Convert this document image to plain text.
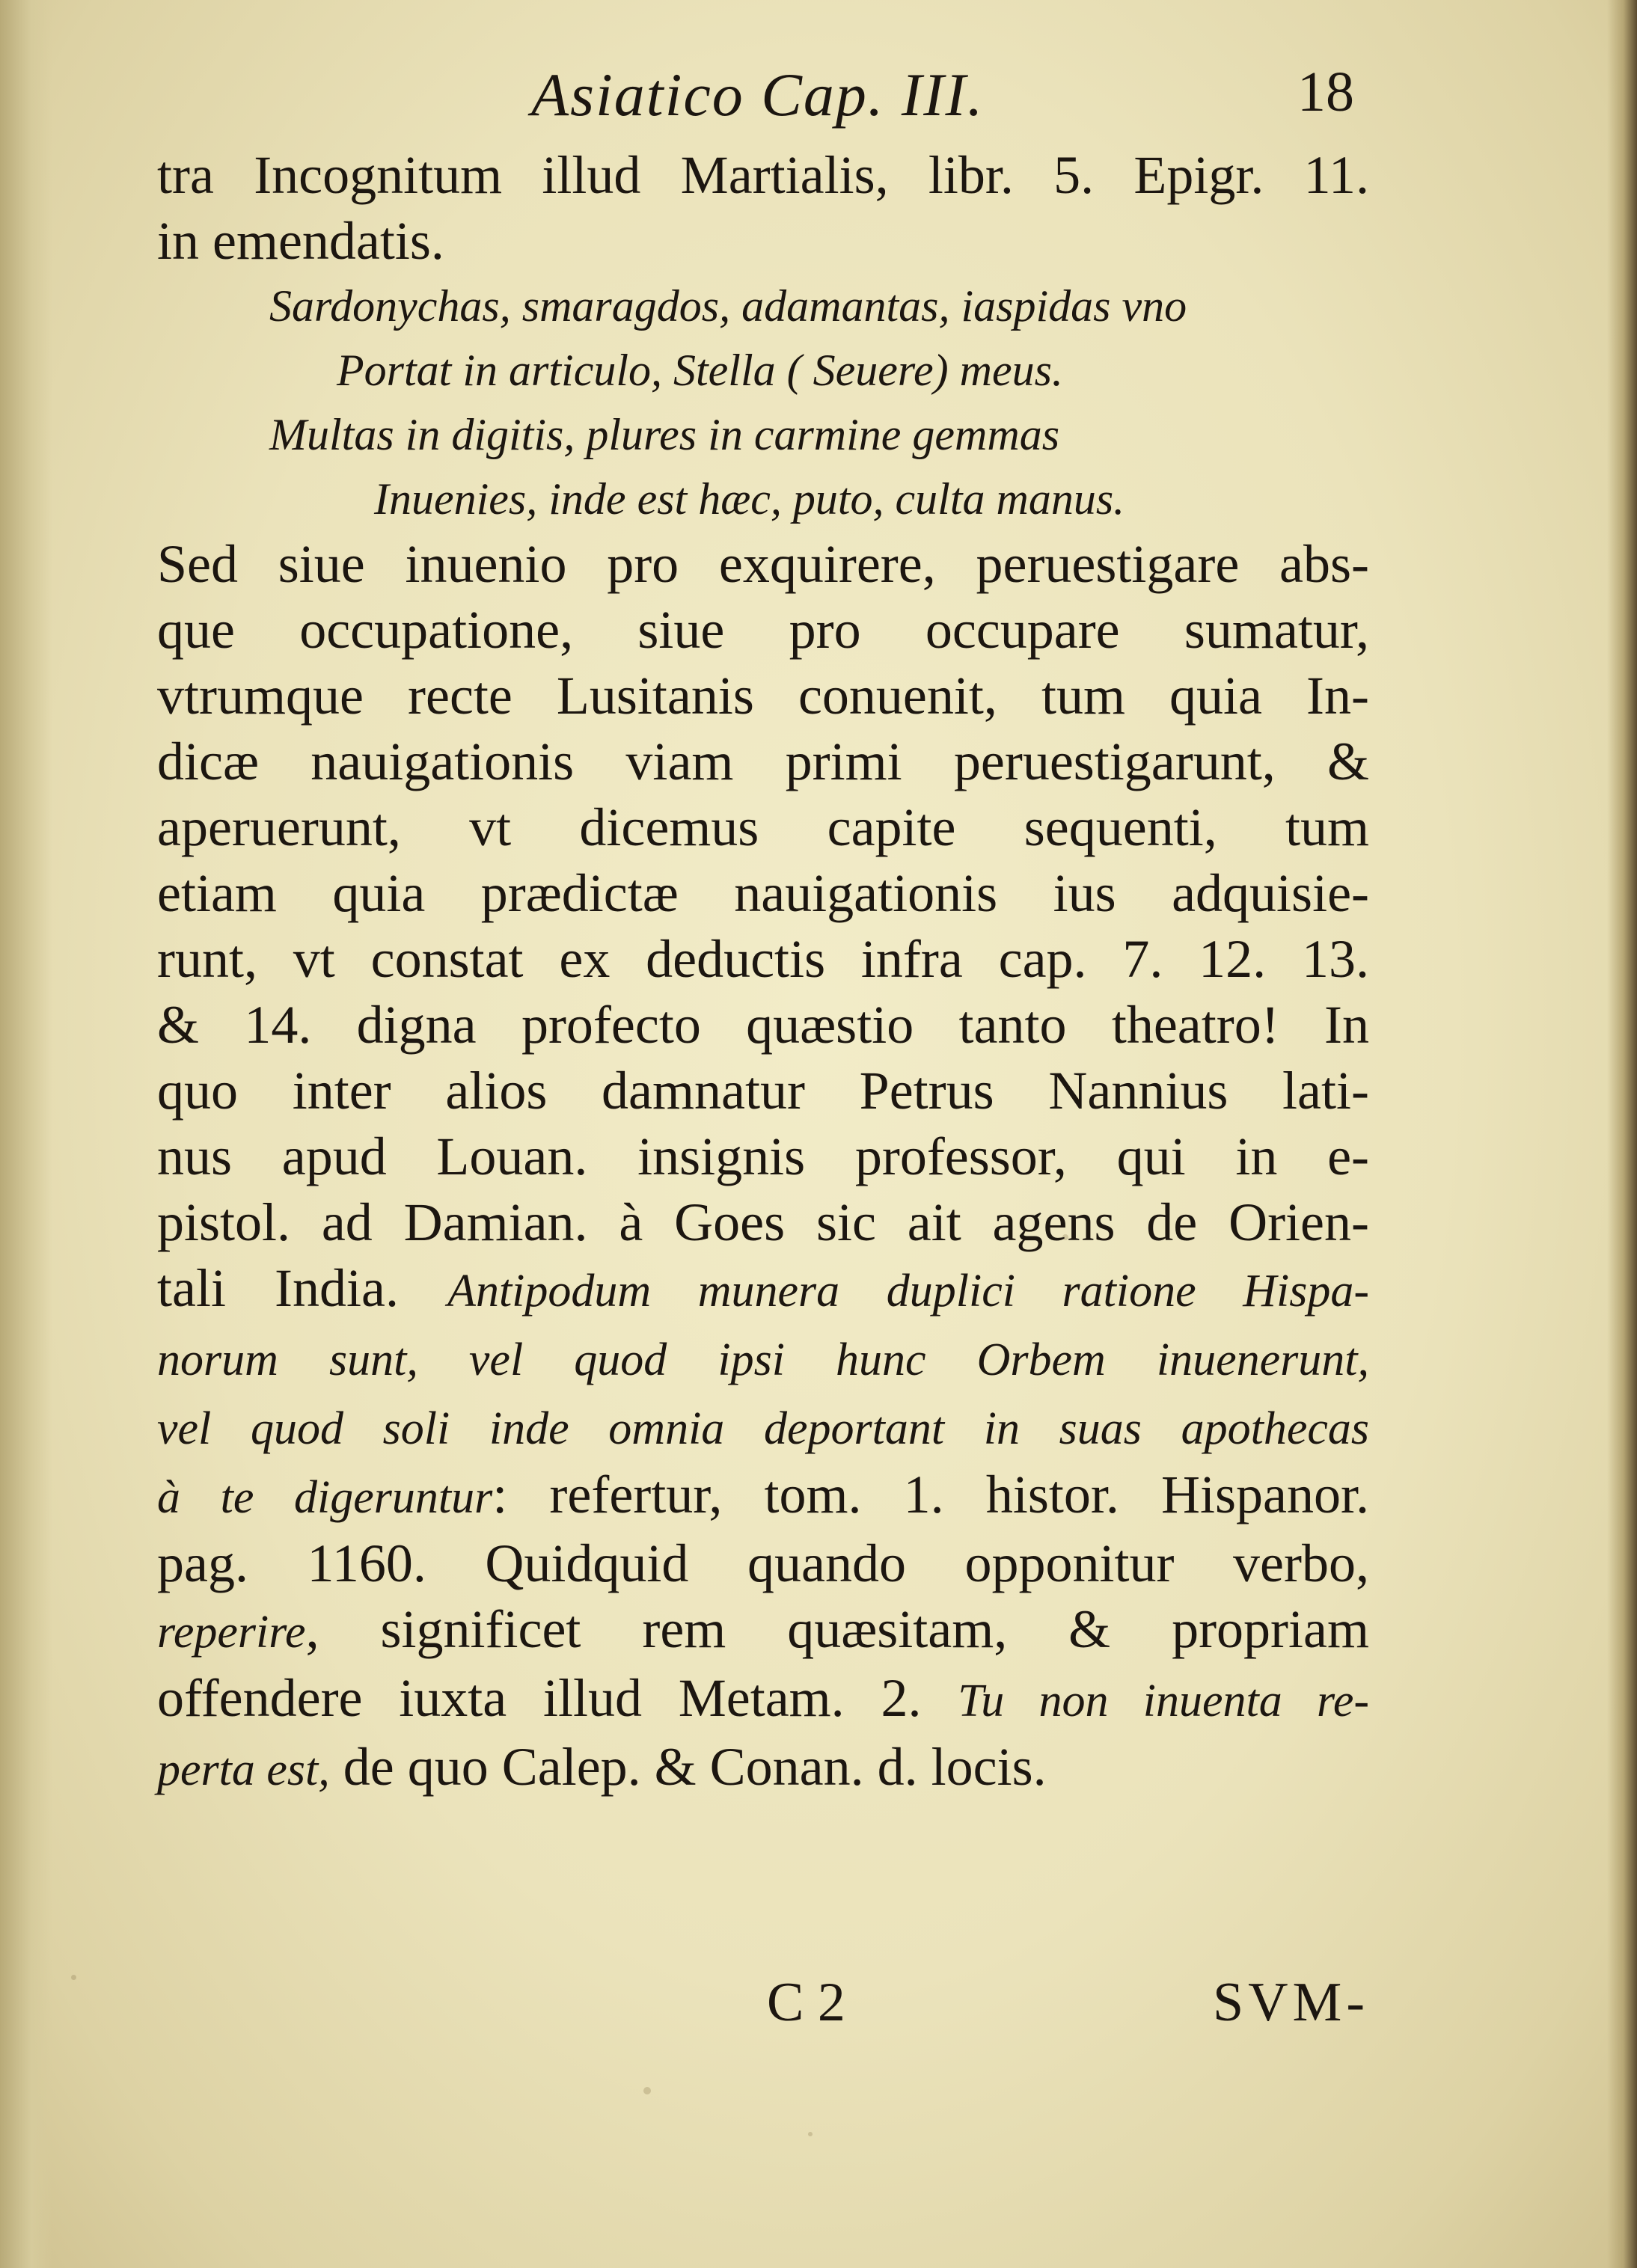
Asiatico Cap. III.	18
tra Incognitum illud Martialis, libr. 5. Epigr. 11.
in emendatis.
Sardonychas, smaragdos, adamantas, iaspidas vno
Portat in articulo, Stella ( Seuere) meus.
Multas in digitis, plures in carmine gemmas
Inuenies, inde est hæc, puto, culta manus.
Sed siue inuenio pro exquirere, peruestigare abs-
que occupatione, siue pro occupare sumatur,
vtrumque recte Lusitanis conuenit, tum quia In-
dicæ nauigationis viam primi peruestigarunt, &
aperuerunt, vt dicemus capite sequenti, tum
etiam quia prædictæ nauigationis ius adquisie-
runt, vt constat ex deductis infra cap. 7. 12. 13.
& 14. digna profecto quæstio tanto theatro! In
quo inter alios damnatur Petrus Nannius lati-
nus apud Louan. insignis professor, qui in e-
pistol. ad Damian. à Goes sic ait agens de Orien-
tali India. Antipodum munera duplici ratione Hispa-
norum sunt, vel quod ipsi hunc Orbem inuenerunt,
vel quod soli inde omnia deportant in suas apothecas
à te digeruntur: refertur, tom. 1. histor. Hispanor.
pag. 1160. Quidquid quando opponitur verbo,
reperire, significet rem quæsitam, & propriam
offendere iuxta illud Metam. 2. Tu non inuenta re-
perta est, de quo Calep. & Conan. d. locis.
C 2	SVM-
